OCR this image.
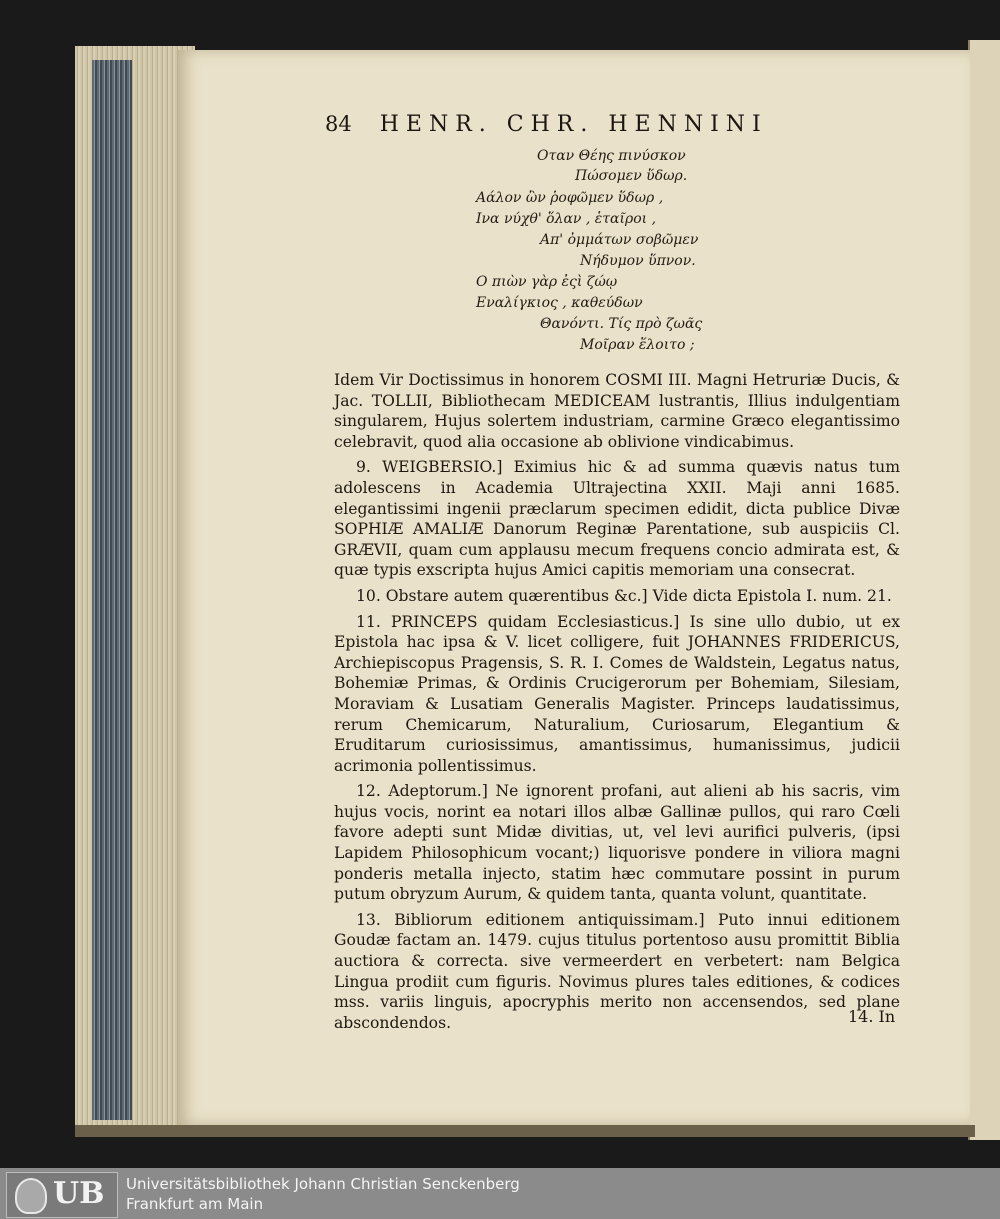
84 HENR. CHR. HENNINI
Οταν Θέης πινύσκον
Πώσομεν ὕδωρ.
Αάλον ὣν ῥοφῶμεν ὕδωρ ,
Ινα νύχθ' ὅλαν , ἑταῖροι ,
Απ' ὀμμάτων σοβῶμεν
Νήδυμον ὕπνον.
Ο πιὼν γὰρ ἐςὶ ζώῳ
Εναλίγκιος , καθεύδων
Θανόντι. Τίς πρὸ ζωᾶς
Μοῖραν ἕλοιτο ;

Idem Vir Doctissimus in honorem COSMI III. Magni Hetruriæ Ducis, & Jac. TOLLII, Bibliothecam MEDICEAM lustrantis, Illius indulgentiam singularem, Hujus solertem industriam, carmine Græco elegantissimo celebravit, quod alia occasione ab oblivione vindicabimus.

9. WEIGBERSIO.] Eximius hic & ad summa quævis natus tum adolescens in Academia Ultrajectina XXII. Maji anni 1685. elegantissimi ingenii præclarum specimen edidit, dicta publice Divæ SOPHIÆ AMALIÆ Danorum Reginæ Parentatione, sub auspiciis Cl. GRÆVII, quam cum applausu mecum frequens concio admirata est, & quæ typis exscripta hujus Amici capitis memoriam una consecrat.

10. Obstare autem quærentibus &c.] Vide dicta Epistola I. num. 21.

11. PRINCEPS quidam Ecclesiasticus.] Is sine ullo dubio, ut ex Epistola hac ipsa & V. licet colligere, fuit JOHANNES FRIDERICUS, Archiepiscopus Pragensis, S. R. I. Comes de Waldstein, Legatus natus, Bohemiæ Primas, & Ordinis Crucigerorum per Bohemiam, Silesiam, Moraviam & Lusatiam Generalis Magister. Princeps laudatissimus, rerum Chemicarum, Naturalium, Curiosarum, Elegantium & Eruditarum curiosissimus, amantissimus, humanissimus, judicii acrimonia pollentissimus.

12. Adeptorum.] Ne ignorent profani, aut alieni ab his sacris, vim hujus vocis, norint ea notari illos albæ Gallinæ pullos, qui raro Cœli favore adepti sunt Midæ divitias, ut, vel levi aurifici pulveris, (ipsi Lapidem Philosophicum vocant;) liquorisve pondere in viliora magni ponderis metalla injecto, statim hæc commutare possint in purum putum obryzum Aurum, & quidem tanta, quanta volunt, quantitate.

13. Bibliorum editionem antiquissimam.] Puto innui editionem Goudæ factam an. 1479. cujus titulus portentoso ausu promittit Biblia auctiora & correcta. sive vermeerdert en verbetert: nam Belgica Lingua prodiit cum figuris. Novimus plures tales editiones, & codices mss. variis linguis, apocryphis merito non accensendos, sed plane abscondendos.	14. In
UB Universitätsbibliothek Johann Christian Senckenberg
Frankfurt am Main
